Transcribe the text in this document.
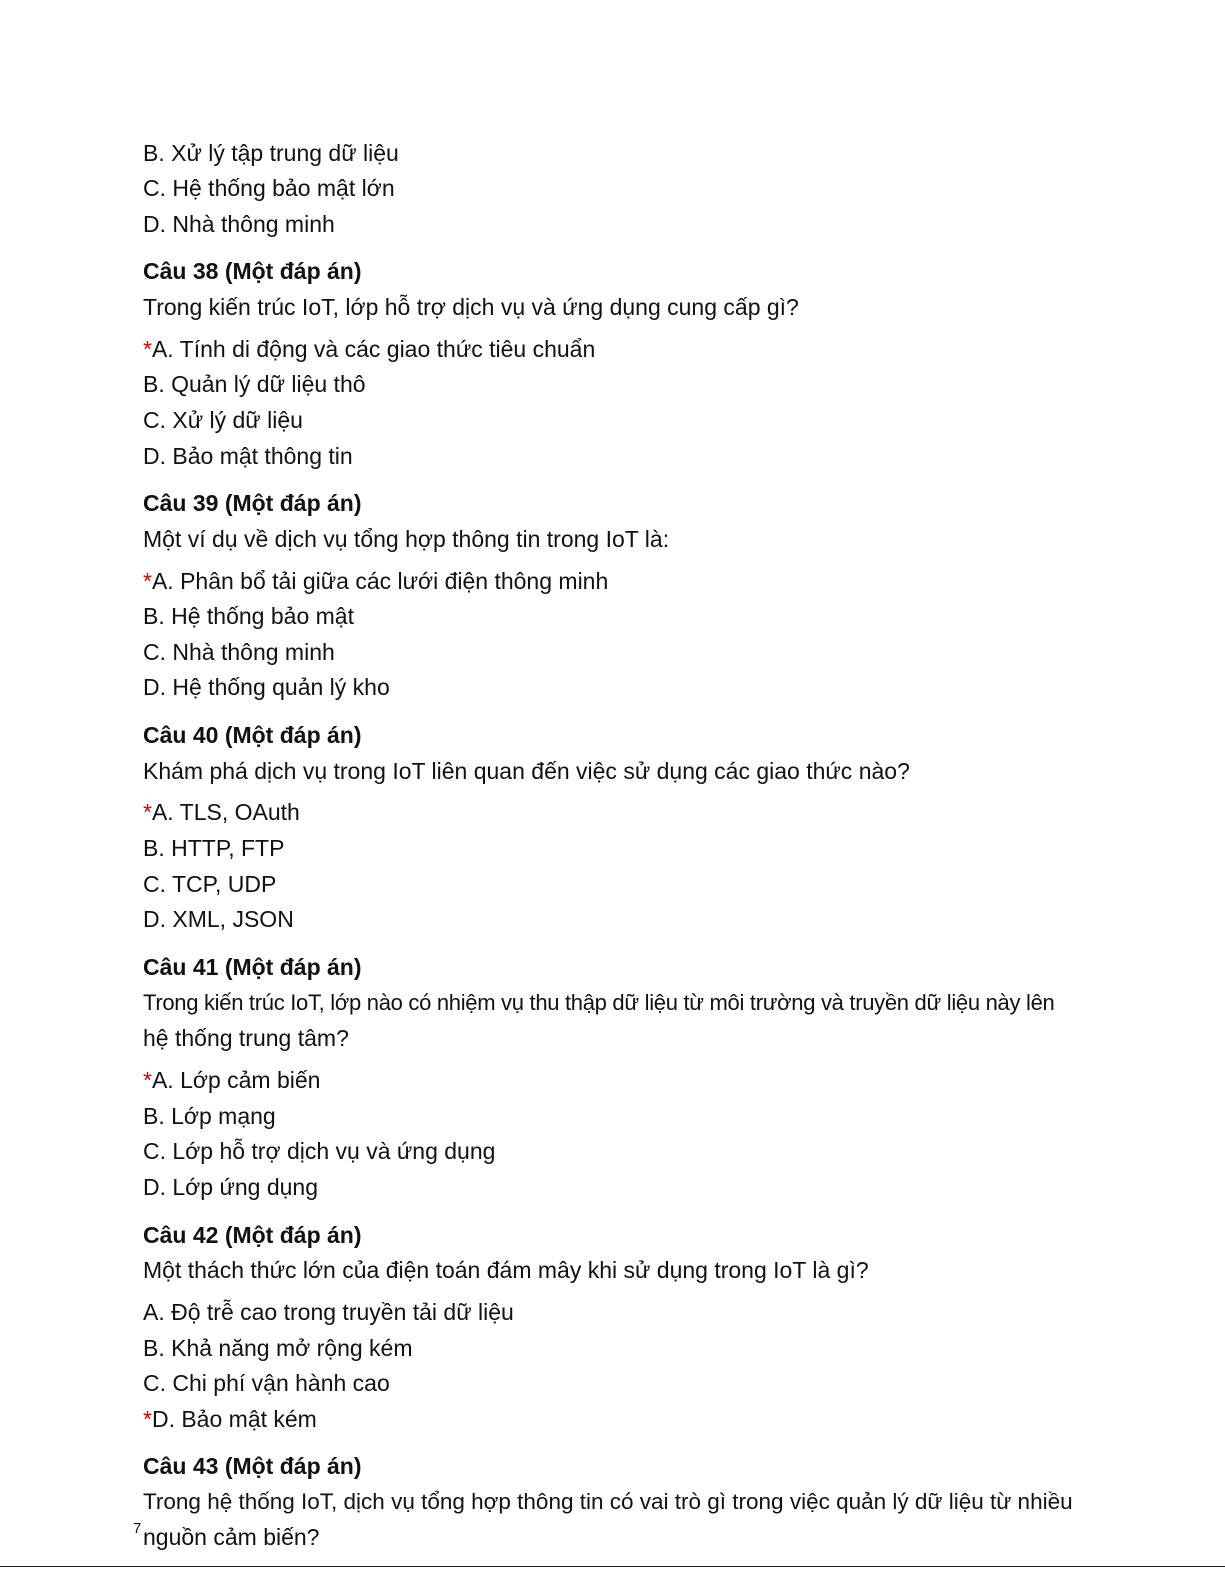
B. Xử lý tập trung dữ liệu
C. Hệ thống bảo mật lớn
D. Nhà thông minh
Câu 38 (Một đáp án)
Trong kiến trúc IoT, lớp hỗ trợ dịch vụ và ứng dụng cung cấp gì?
*A. Tính di động và các giao thức tiêu chuẩn
B. Quản lý dữ liệu thô
C. Xử lý dữ liệu
D. Bảo mật thông tin
Câu 39 (Một đáp án)
Một ví dụ về dịch vụ tổng hợp thông tin trong IoT là:
*A. Phân bổ tải giữa các lưới điện thông minh
B. Hệ thống bảo mật
C. Nhà thông minh
D. Hệ thống quản lý kho
Câu 40 (Một đáp án)
Khám phá dịch vụ trong IoT liên quan đến việc sử dụng các giao thức nào?
*A. TLS, OAuth
B. HTTP, FTP
C. TCP, UDP
D. XML, JSON
Câu 41 (Một đáp án)
Trong kiến trúc IoT, lớp nào có nhiệm vụ thu thập dữ liệu từ môi trường và truyền dữ liệu này lên
hệ thống trung tâm?
*A. Lớp cảm biến
B. Lớp mạng
C. Lớp hỗ trợ dịch vụ và ứng dụng
D. Lớp ứng dụng
Câu 42 (Một đáp án)
Một thách thức lớn của điện toán đám mây khi sử dụng trong IoT là gì?
A. Độ trễ cao trong truyền tải dữ liệu
B. Khả năng mở rộng kém
C. Chi phí vận hành cao
*D. Bảo mật kém
Câu 43 (Một đáp án)
Trong hệ thống IoT, dịch vụ tổng hợp thông tin có vai trò gì trong việc quản lý dữ liệu từ nhiều
nguồn cảm biến?
7
